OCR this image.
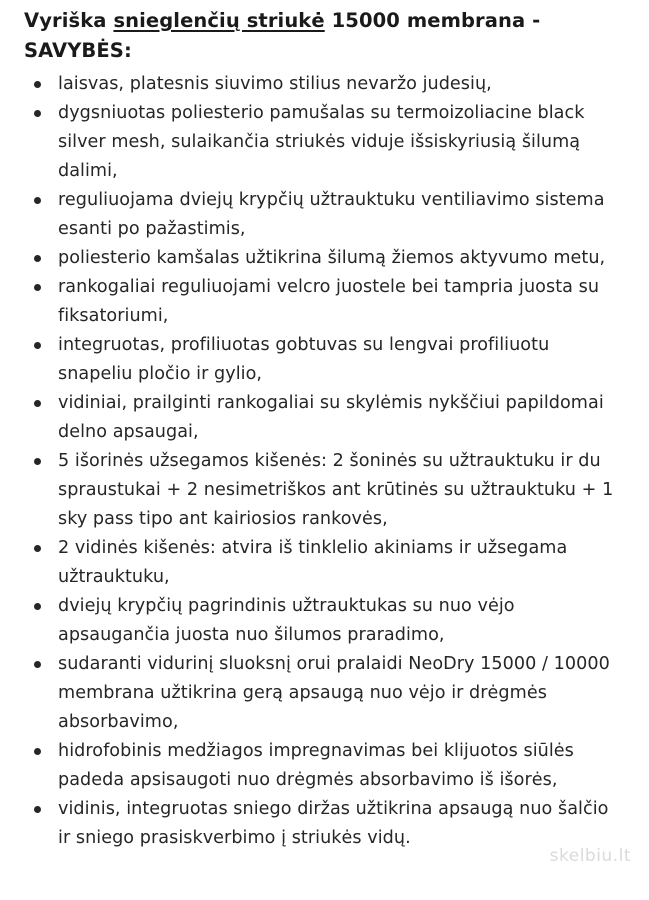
Vyriška snieglenčių striukė 15000 membrana - SAVYBĖS:
laisvas, platesnis siuvimo stilius nevaržo judesių,
dygsniuotas poliesterio pamušalas su termoizoliacine black silver mesh, sulaikančia striukės viduje išsiskyriusią šilumą dalimi,
reguliuojama dviejų krypčių užtrauktuku ventiliavimo sistema esanti po pažastimis,
poliesterio kamšalas užtikrina šilumą žiemos aktyvumo metu,
rankogaliai reguliuojami velcro juostele bei tampria juosta su fiksatoriumi,
integruotas, profiliuotas gobtuvas su lengvai profiliuotu snapeliu pločio ir gylio,
vidiniai, prailginti rankogaliai su skylėmis nykščiui papildomai delno apsaugai,
5 išorinės užsegamos kišenės: 2 šoninės su užtrauktuku ir du spraustukai + 2 nesimetriškos ant krūtinės su užtrauktuku + 1 sky pass tipo ant kairiosios rankovės,
2 vidinės kišenės: atvira iš tinklelio akiniams ir užsegama užtrauktuku,
dviejų krypčių pagrindinis užtrauktukas su nuo vėjo apsaugančia juosta nuo šilumos praradimo,
sudaranti vidurinį sluoksnį orui pralaidi NeoDry 15000 / 10000 membrana užtikrina gerą apsaugą nuo vėjo ir drėgmės absorbavimo,
hidrofobinis medžiagos impregnavimas bei klijuotos siūlės padeda apsisaugoti nuo drėgmės absorbavimo iš išorės,
vidinis, integruotas sniego diržas užtikrina apsaugą nuo šalčio ir sniego prasiskverbimo į striukės vidų.
skelbiu.lt
